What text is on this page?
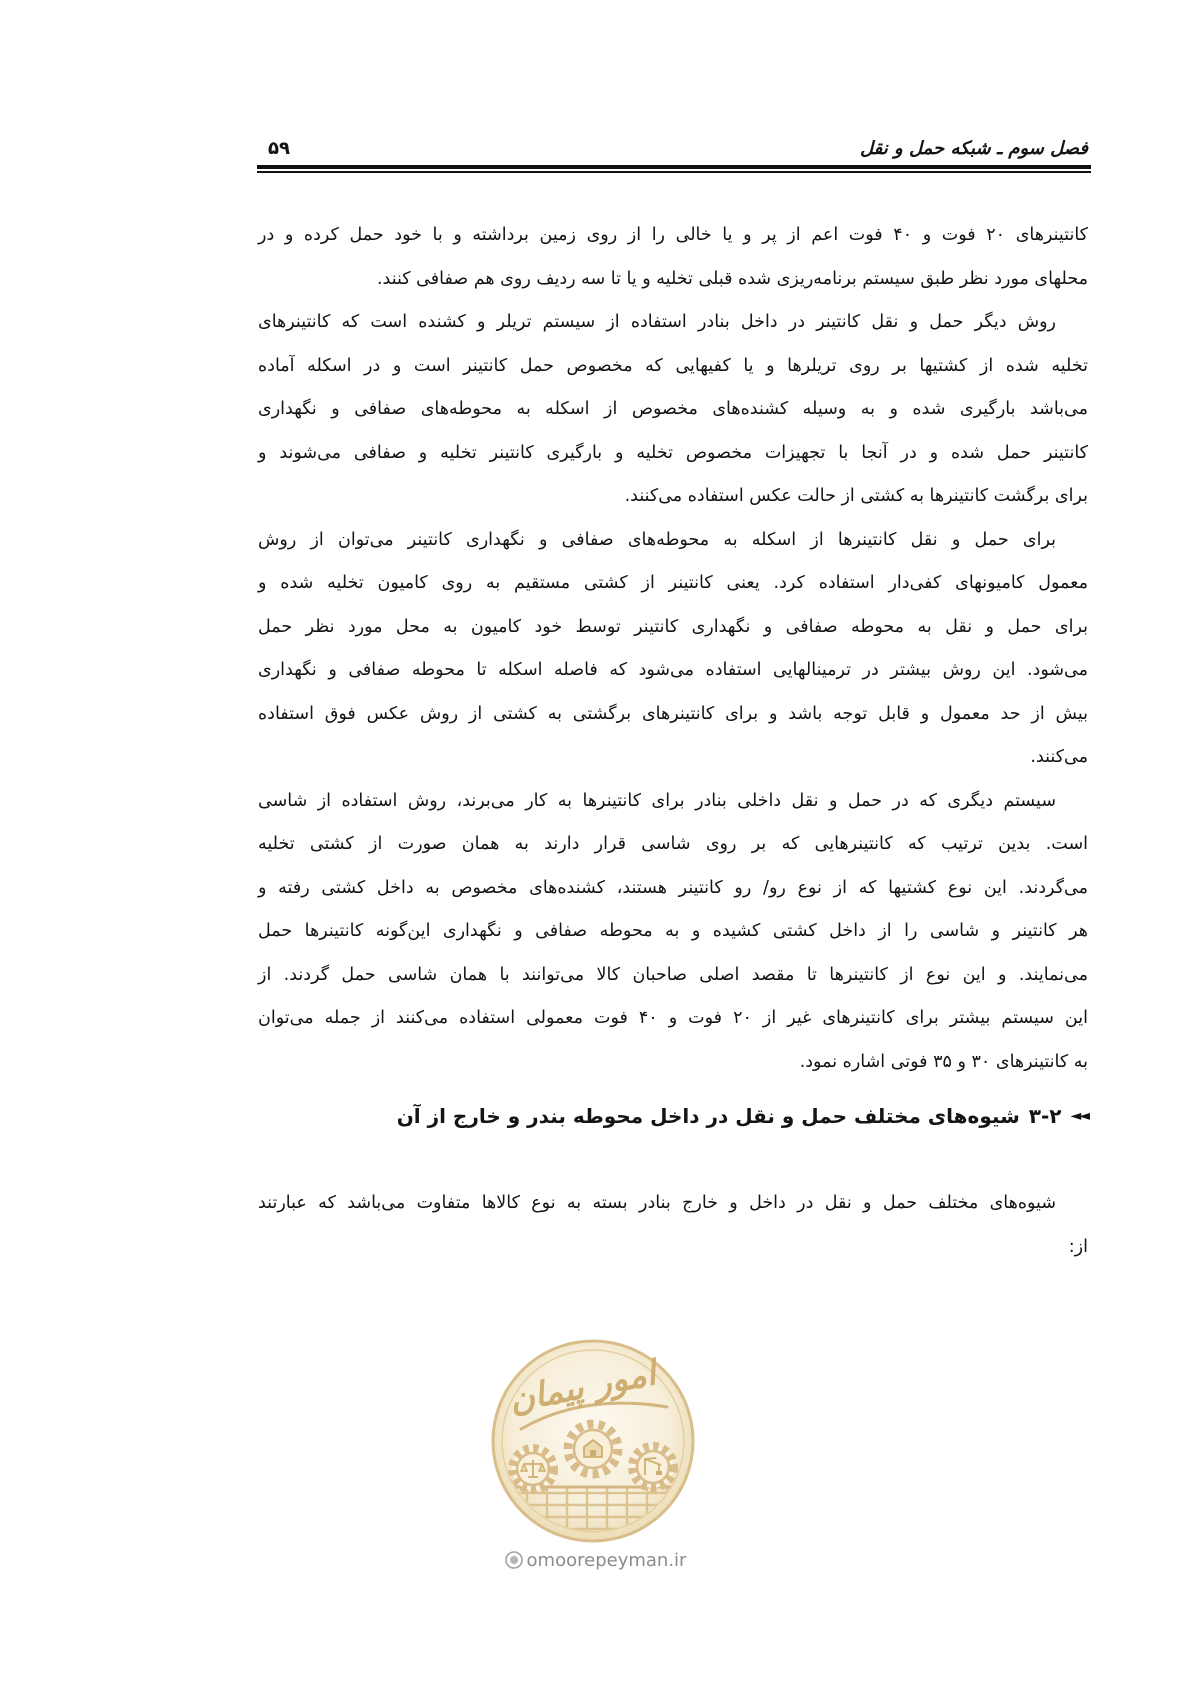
فصل سوم ـ شبکه حمل و نقل
۵۹
کانتینرهای ۲۰ فوت و ۴۰ فوت اعم از پر و یا خالی را از روی زمین برداشته و با خود حمل کرده و در
محلهای مورد نظر طبق سیستم برنامه‌ریزی شده قبلی تخلیه و یا تا سه ردیف روی هم صفافی کنند.
روش دیگر حمل و نقل کانتینر در داخل بنادر استفاده از سیستم تریلر و کشنده است که کانتینرهای
تخلیه شده از کشتیها بر روی تریلرها و یا کفیهایی که مخصوص حمل کانتینر است و در اسکله آماده
می‌باشد بارگیری شده و به وسیله کشنده‌های مخصوص از اسکله به محوطه‌های صفافی و نگهداری
کانتینر حمل شده و در آنجا با تجهیزات مخصوص تخلیه و بارگیری کانتینر تخلیه و صفافی می‌شوند و
برای برگشت کانتینرها به کشتی از حالت عکس استفاده می‌کنند.
برای حمل و نقل کانتینرها از اسکله به محوطه‌های صفافی و نگهداری کانتینر می‌توان از روش
معمول کامیونهای کفی‌دار استفاده کرد. یعنی کانتینر از کشتی مستقیم به روی کامیون تخلیه شده و
برای حمل و نقل به محوطه صفافی و نگهداری کانتینر توسط خود کامیون به محل مورد نظر حمل
می‌شود. این روش بیشتر در ترمینالهایی استفاده می‌شود که فاصله اسکله تا محوطه صفافی و نگهداری
بیش از حد معمول و قابل توجه باشد و برای کانتینرهای برگشتی به کشتی از روش عکس فوق استفاده
می‌کنند.
سیستم دیگری که در حمل و نقل داخلی بنادر برای کانتینرها به کار می‌برند، روش استفاده از شاسی
است. بدین ترتیب که کانتینرهایی که بر روی شاسی قرار دارند به همان صورت از کشتی تخلیه
می‌گردند. این نوع کشتیها که از نوع رو/ رو کانتینر هستند، کشنده‌های مخصوص به داخل کشتی رفته و
هر کانتینر و شاسی را از داخل کشتی کشیده و به محوطه صفافی و نگهداری این‌گونه کانتینرها حمل
می‌نمایند. و این نوع از کانتینرها تا مقصد اصلی صاحبان کالا می‌توانند با همان شاسی حمل گردند. از
این سیستم بیشتر برای کانتینرهای غیر از ۲۰ فوت و ۴۰ فوت معمولی استفاده می‌کنند از جمله می‌توان
به کانتینرهای ۳۰ و ۳۵ فوتی اشاره نمود.
◄◄
۳-۲
شیوه‌های مختلف حمل و نقل در داخل محوطه بندر و خارج از آن
شیوه‌های مختلف حمل و نقل در داخل و خارج بنادر بسته به نوع کالاها متفاوت می‌باشد که عبارتند
از:
امور پیمان
omoorepeyman.ir
